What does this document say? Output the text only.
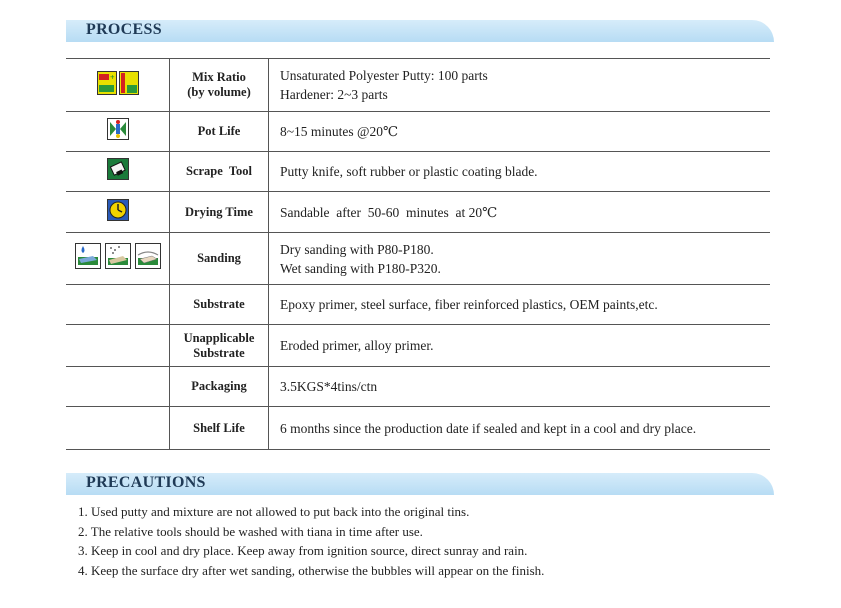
PROCESS
+	Mix Ratio
(by volume)	Unsaturated Polyester Putty: 100 parts
Hardener: 2~3 parts

Pot Life	8~15 minutes @20℃

Scrape  Tool	Putty knife, soft rubber or plastic coating blade.

Drying Time	Sandable  after  50-60  minutes  at 20℃

Sanding	Dry sanding with P80-P180.
Wet sanding with P180-P320.

	Substrate	Epoxy primer, steel surface, fiber reinforced plastics, OEM paints,etc.

	Unapplicable
Substrate	Eroded primer, alloy primer.

	Packaging	3.5KGS*4tins/ctn

	Shelf Life	6 months since the production date if sealed and kept in a cool and dry place.
PRECAUTIONS
1. Used putty and mixture are not allowed to put back into the original tins.
2. The relative tools should be washed with tiana in time after use.
3. Keep in cool and dry place. Keep away from ignition source, direct sunray and rain.
4. Keep the surface dry after wet sanding, otherwise the bubbles will appear on the finish.
